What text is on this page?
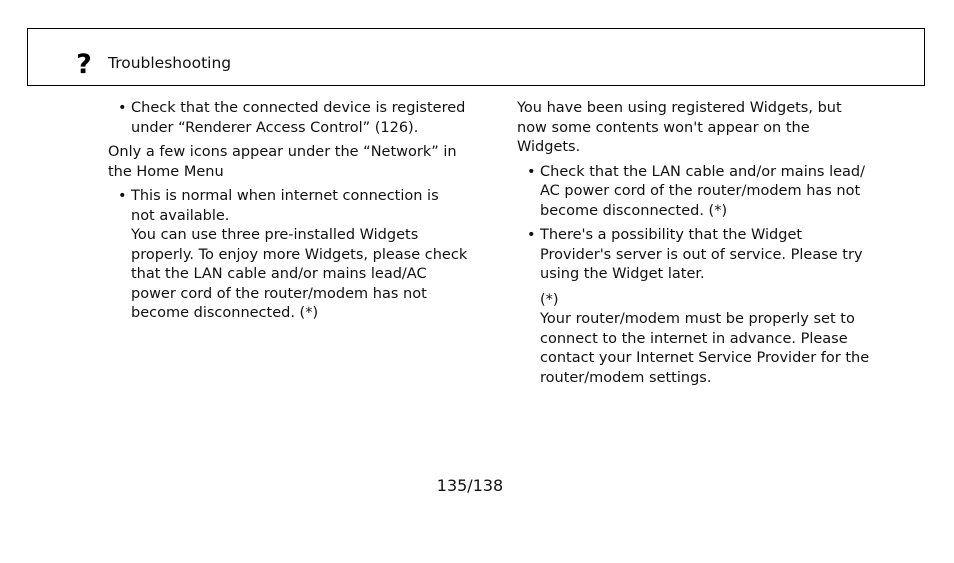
? Troubleshooting
• Check that the connected device is registered
under “Renderer Access Control” (126).
Only a few icons appear under the “Network” in
the Home Menu
• This is normal when internet connection is
not available.
You can use three pre-installed Widgets
properly. To enjoy more Widgets, please check
that the LAN cable and/or mains lead/AC
power cord of the router/modem has not
become disconnected. (*)
You have been using registered Widgets, but
now some contents won't appear on the
Widgets.
• Check that the LAN cable and/or mains lead/
AC power cord of the router/modem has not
become disconnected. (*)
• There's a possibility that the Widget
Provider's server is out of service. Please try
using the Widget later.
(*)
Your router/modem must be properly set to
connect to the internet in advance. Please
contact your Internet Service Provider for the
router/modem settings.
135/138
